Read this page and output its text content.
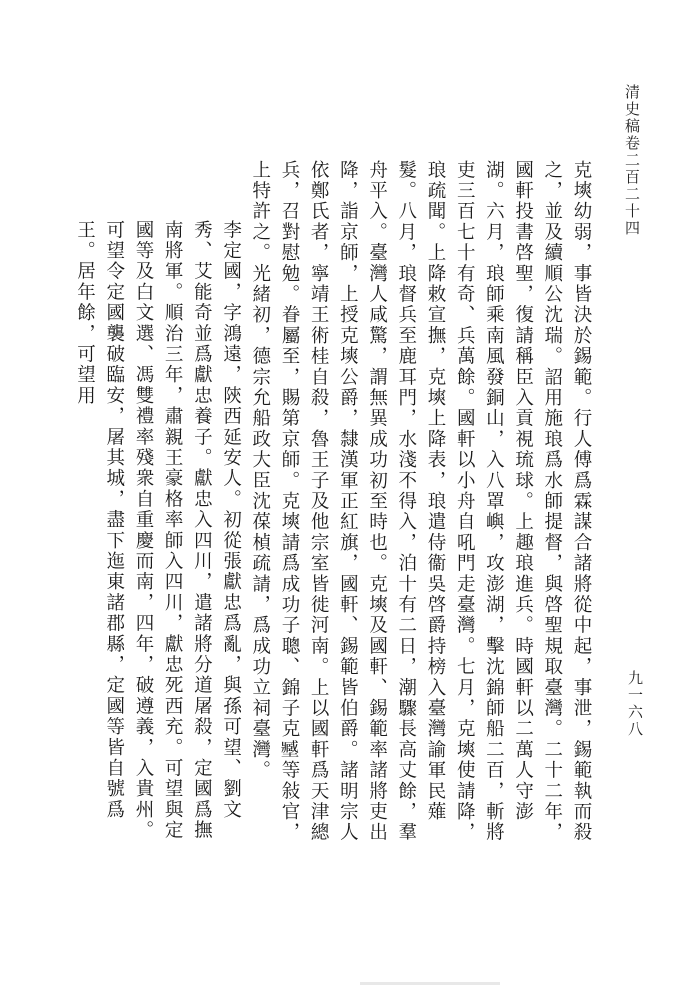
清史稿卷二百二十四
九一六八

克塽幼弱，事皆決於錫範。行人傅爲霖謀合諸將從中起，事泄，錫範執而殺之，並及續順公沈瑞。詔用施琅爲水師提督，與啓聖規取臺灣。二十二年，國軒投書啓聖，復請稱臣入貢視琉球。上趣琅進兵。時國軒以二萬人守澎湖。六月，琅師乘南風發銅山，入八罩嶼，攻澎湖，擊沈錦師船二百，斬將吏三百七十有奇、兵萬餘。國軒以小舟自吼門走臺灣。七月，克塽使請降，琅疏聞。上降敕宣撫，克塽上降表，琅遣侍衞吳啓爵持榜入臺灣諭軍民薙髮。八月，琅督兵至鹿耳門，水淺不得入，泊十有二日，潮驟長高丈餘，羣舟平入。臺灣人咸驚，謂無異成功初至時也。克塽及國軒、錫範率諸將吏出降，詣京師，上授克塽公爵，隸漢軍正紅旗，國軒、錫範皆伯爵。諸明宗人依鄭氏者，寧靖王術桂自殺，魯王子及他宗室皆徙河南。上以國軒爲天津總兵，召對慰勉。眷屬至，賜第京師。克塽請爲成功子聰、錦子克𡒉等敍官，上特許之。光緒初，德宗允船政大臣沈葆楨疏請，爲成功立祠臺灣。

李定國，字鴻遠，陝西延安人。初從張獻忠爲亂，與孫可望、劉文秀、艾能奇並爲獻忠養子。獻忠入四川，遣諸將分道屠殺，定國爲撫南將軍。順治三年，肅親王豪格率師入四川，獻忠死西充。可望與定國等及白文選、馮雙禮率殘衆自重慶而南，四年，破遵義，入貴州。可望令定國襲破臨安，屠其城，盡下迤東諸郡縣，定國等皆自號爲王。居年餘，可望用
